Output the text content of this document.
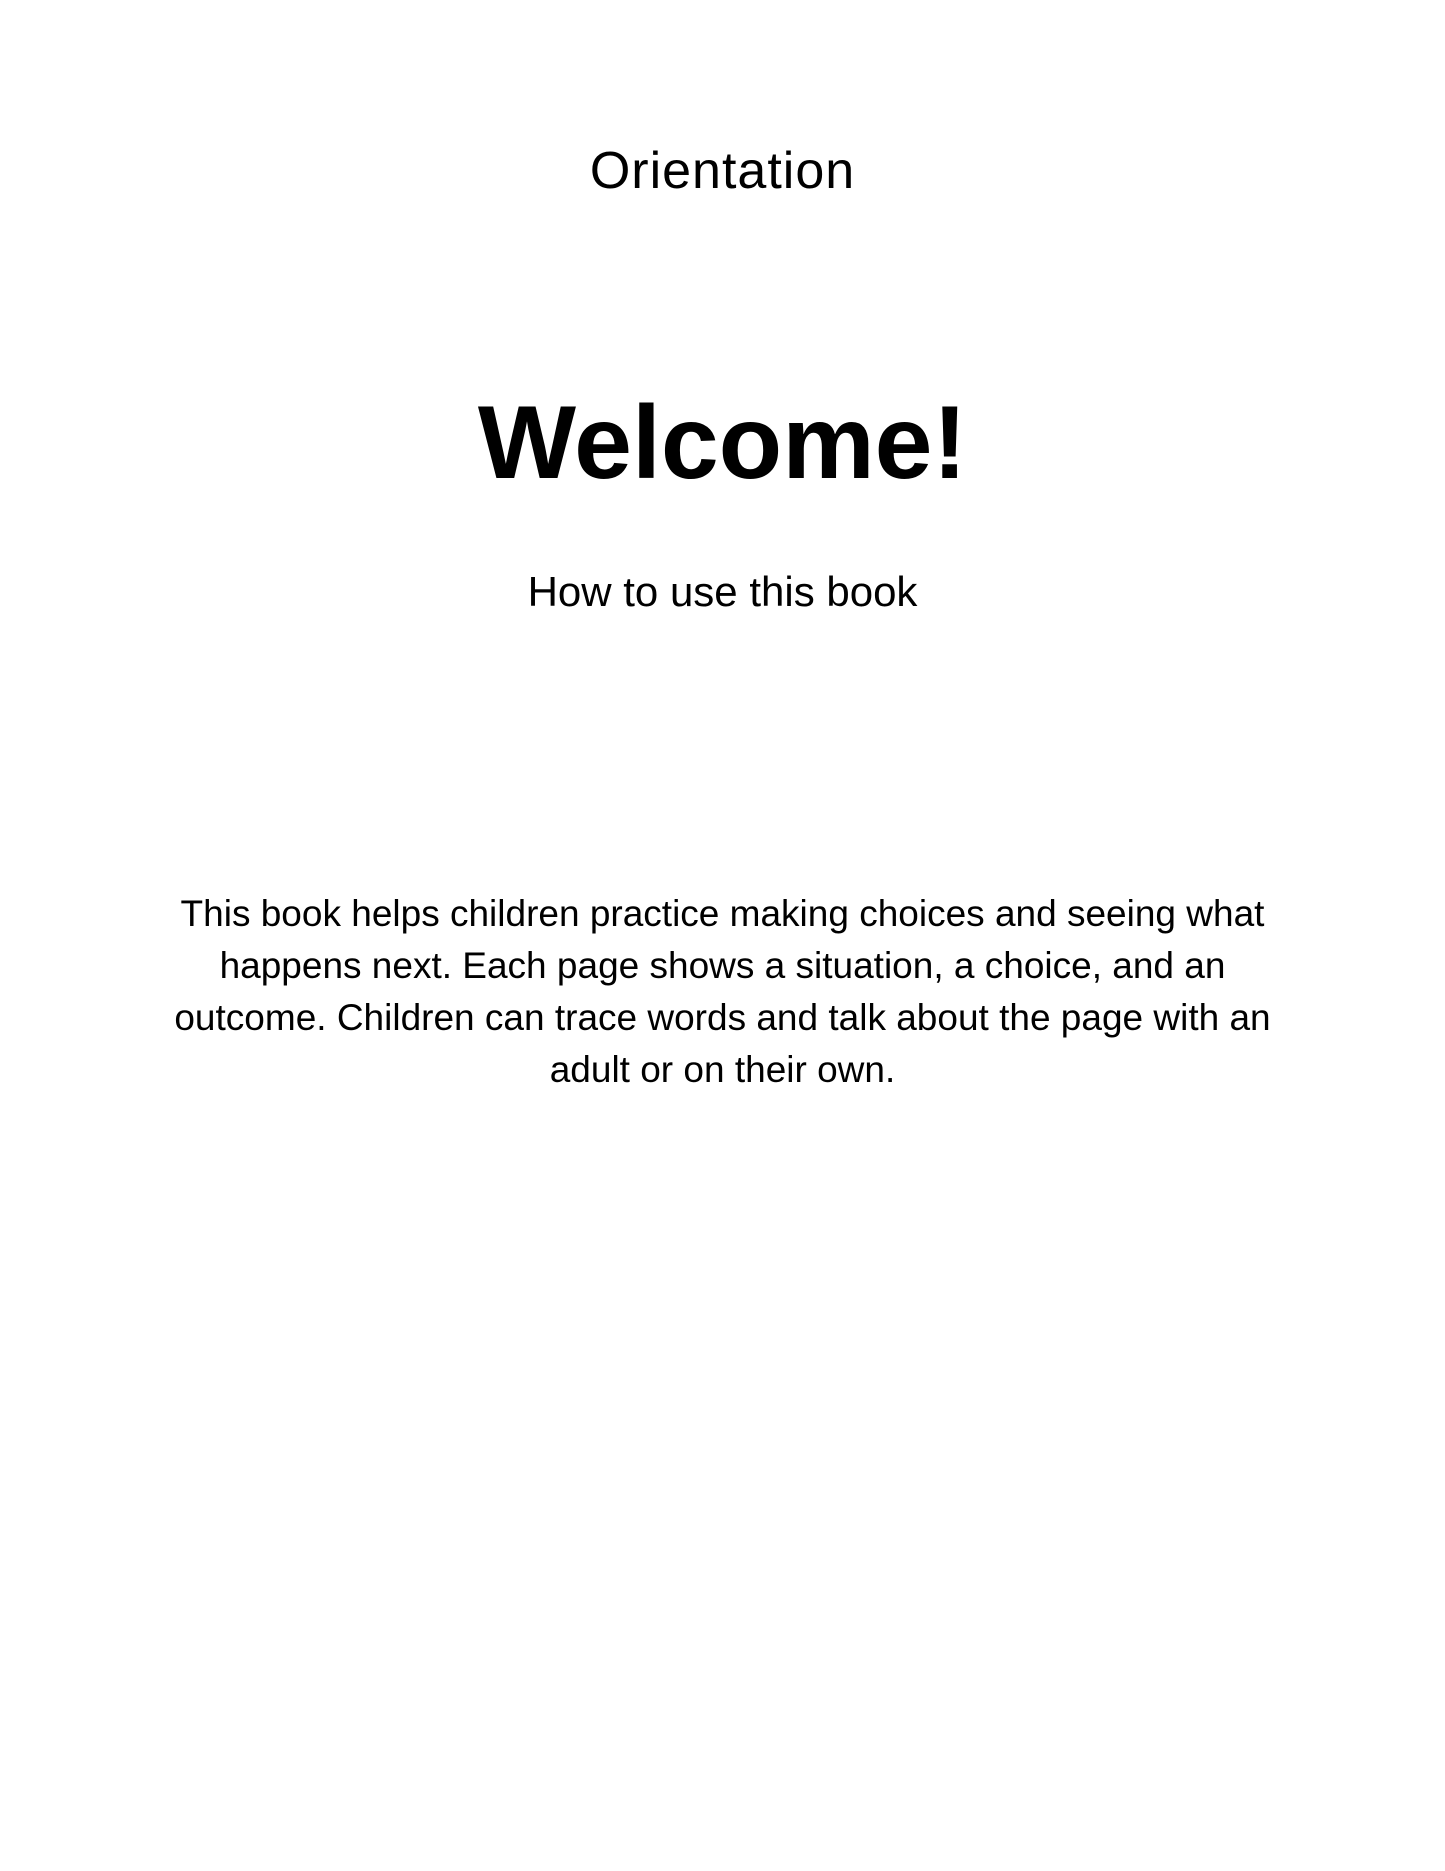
Orientation
Welcome!
How to use this book

This book helps children practice making choices and seeing what happens next. Each page shows a situation, a choice, and an outcome. Children can trace words and talk about the page with an adult or on their own.
